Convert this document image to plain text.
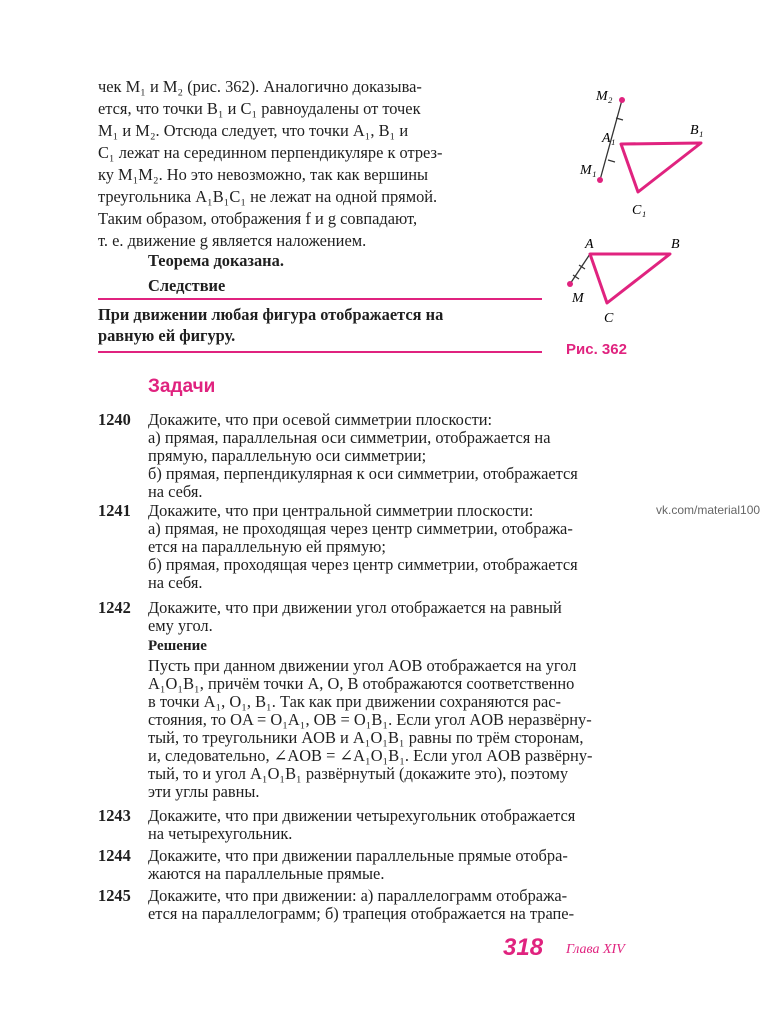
чек M₁ и M₂ (рис. 362). Аналогично доказыва-
ется, что точки B₁ и C₁ равноудалены от точек
M₁ и M₂. Отсюда следует, что точки A₁, B₁ и
C₁ лежат на серединном перпендикуляре к отрез-
ку M₁M₂. Но это невозможно, так как вершины
треугольника A₁B₁C₁ не лежат на одной прямой.
Таким образом, отображения f и g совпадают,
т. е. движение g является наложением.
Теорема доказана.
Следствие
При движении любая фигура отображается на
равную ей фигуру.
M₂
A₁
B₁
M₁
C₁
A	B
M
C
Рис. 362
Задачи
1240 Докажите, что при осевой симметрии плоскости:
а) прямая, параллельная оси симметрии, отображается на
прямую, параллельную оси симметрии;
б) прямая, перпендикулярная к оси симметрии, отображается
на себя.
1241 Докажите, что при центральной симметрии плоскости:
а) прямая, не проходящая через центр симметрии, отобража-
ется на параллельную ей прямую;
б) прямая, проходящая через центр симметрии, отображается
на себя.
vk.com/material100
1242 Докажите, что при движении угол отображается на равный
ему угол.
Решение
Пусть при данном движении угол AOB отображается на угол
A₁O₁B₁, причём точки A, O, B отображаются соответственно
в точки A₁, O₁, B₁. Так как при движении сохраняются рас-
стояния, то OA = O₁A₁, OB = O₁B₁. Если угол AOB неразвёрну-
тый, то треугольники AOB и A₁O₁B₁ равны по трём сторонам,
и, следовательно, ∠AOB = ∠A₁O₁B₁. Если угол AOB развёрну-
тый, то и угол A₁O₁B₁ развёрнутый (докажите это), поэтому
эти углы равны.
1243 Докажите, что при движении четырехугольник отображается
на четырехугольник.
1244 Докажите, что при движении параллельные прямые отобра-
жаются на параллельные прямые.
1245 Докажите, что при движении: а) параллелограмм отобража-
ется на параллелограмм; б) трапеция отображается на трапе-
318 Глава XIV
